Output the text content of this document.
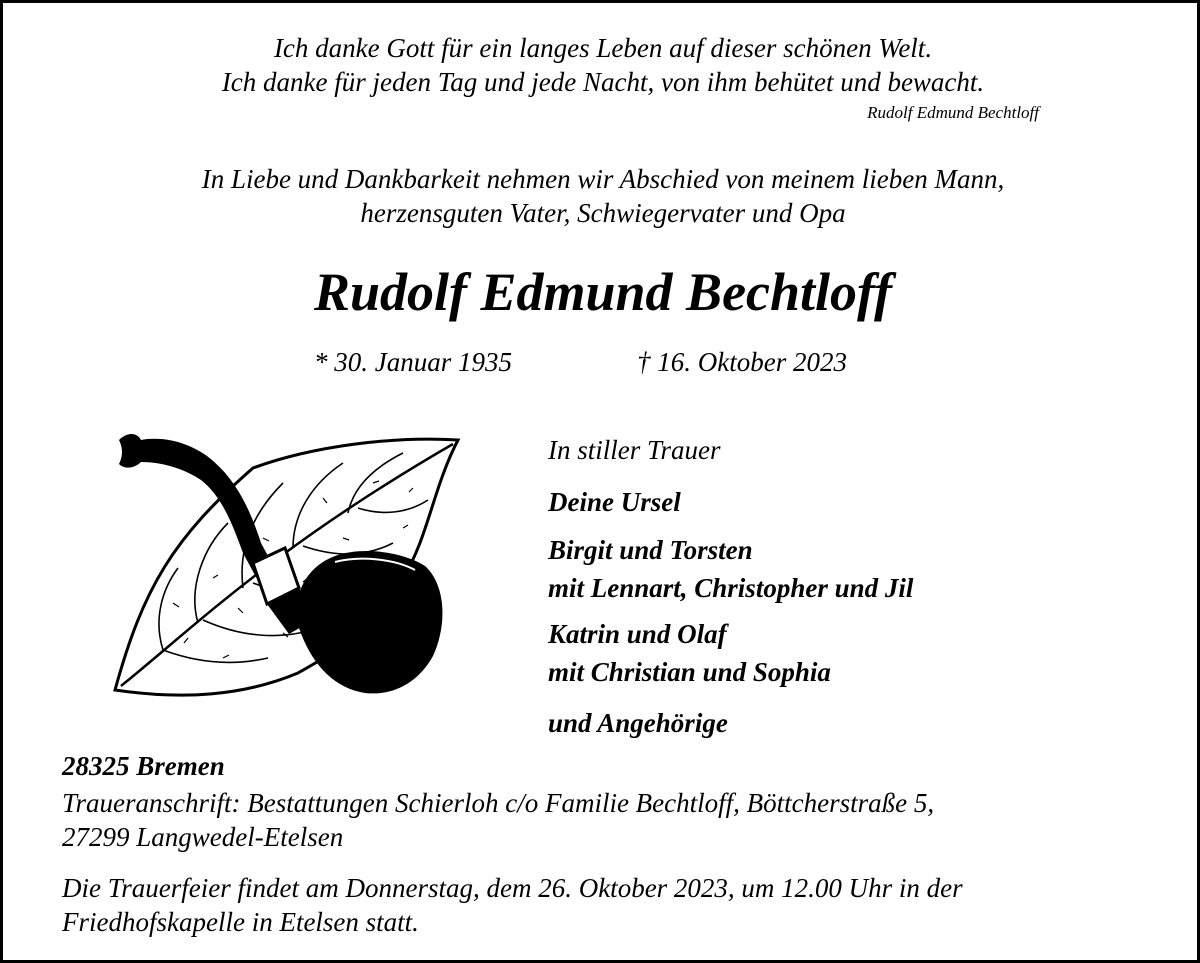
Ich danke Gott für ein langes Leben auf dieser schönen Welt.
Ich danke für jeden Tag und jede Nacht, von ihm behütet und bewacht.
Rudolf Edmund Bechtloff
In Liebe und Dankbarkeit nehmen wir Abschied von meinem lieben Mann,
herzensguten Vater, Schwiegervater und Opa
Rudolf Edmund Bechtloff
* 30. Januar 1935	† 16. Oktober 2023
In stiller Trauer
Deine Ursel
Birgit und Torsten
mit Lennart, Christopher und Jil
Katrin und Olaf
mit Christian und Sophia
und Angehörige
28325 Bremen
Traueranschrift: Bestattungen Schierloh c/o Familie Bechtloff, Böttcherstraße 5,
27299 Langwedel-Etelsen
Die Trauerfeier findet am Donnerstag, dem 26. Oktober 2023, um 12.00 Uhr in der
Friedhofskapelle in Etelsen statt.
